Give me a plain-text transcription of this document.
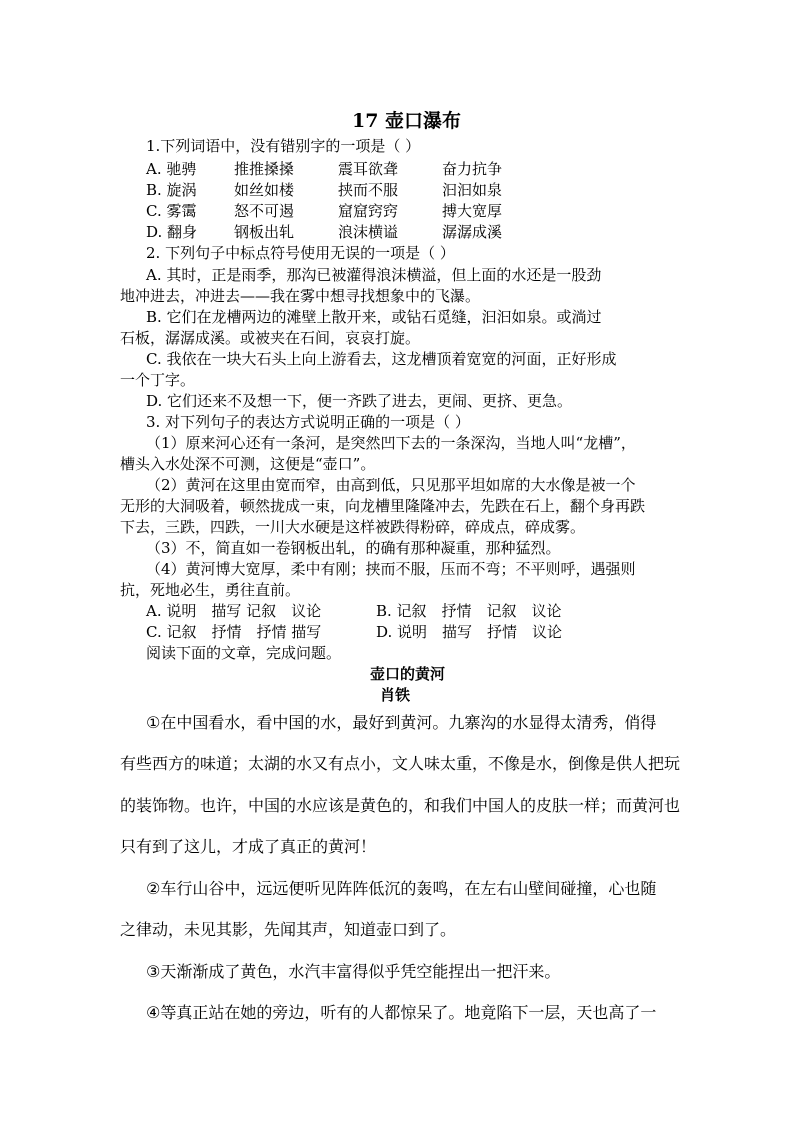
17 壶口瀑布
1.下列词语中，没有错别字的一项是（ ）
A. 驰骋	推推搡搡	震耳欲聋	奋力抗争
B. 旋涡 如丝如楼	挟而不服	汩汩如泉
C. 雾霭	怒不可遏	窟窟窍窍	搏大宽厚
D. 翻身 钢板出轧	浪沫横谥	潺潺成溪
2. 下列句子中标点符号使用无误的一项是（ ）
A. 其时，正是雨季，那沟已被灌得浪沫横溢，但上面的水还是一股劲
地冲进去，冲进去——我在雾中想寻找想象中的飞瀑。
B. 它们在龙槽两边的滩壁上散开来，或钻石觅缝，汩汩如泉。或淌过
石板，潺潺成溪。或被夹在石间，哀哀打旋。
C. 我依在一块大石头上向上游看去，这龙槽顶着宽宽的河面，正好形成
一个丁字。
D. 它们还来不及想一下，便一齐跌了进去，更闹、更挤、更急。
3. 对下列句子的表达方式说明正确的一项是（ ）
（1）原来河心还有一条河，是突然凹下去的一条深沟，当地人叫“龙槽”，
槽头入水处深不可测，这便是“壶口”。
（2）黄河在这里由宽而窄，由高到低，只见那平坦如席的大水像是被一个
无形的大洞吸着，顿然拢成一束，向龙槽里隆隆冲去，先跌在石上，翻个身再跌
下去，三跌，四跌，一川大水硬是这样被跌得粉碎，碎成点，碎成雾。
（3）不，简直如一卷钢板出轧，的确有那种凝重，那种猛烈。
（4）黄河博大宽厚，柔中有刚；挟而不服，压而不弯；不平则呼，遇强则
抗，死地必生，勇往直前。
A. 说明　描写 记叙　议论	B. 记叙　抒情　记叙　议论
C. 记叙　抒情　抒情 描写	D. 说明　描写　抒情　议论
阅读下面的文章，完成问题。
壶口的黄河
肖铁
①在中国看水，看中国的水，最好到黄河。九寨沟的水显得太清秀，俏得
有些西方的味道；太湖的水又有点小，文人味太重，不像是水，倒像是供人把玩
的装饰物。也许，中国的水应该是黄色的，和我们中国人的皮肤一样；而黄河也
只有到了这儿，才成了真正的黄河！
②车行山谷中，远远便听见阵阵低沉的轰鸣，在左右山壁间碰撞，心也随
之律动，未见其影，先闻其声，知道壶口到了。
③天渐渐成了黄色，水汽丰富得似乎凭空能捏出一把汗来。
④等真正站在她的旁边，听有的人都惊呆了。地竟陷下一层，天也高了一
